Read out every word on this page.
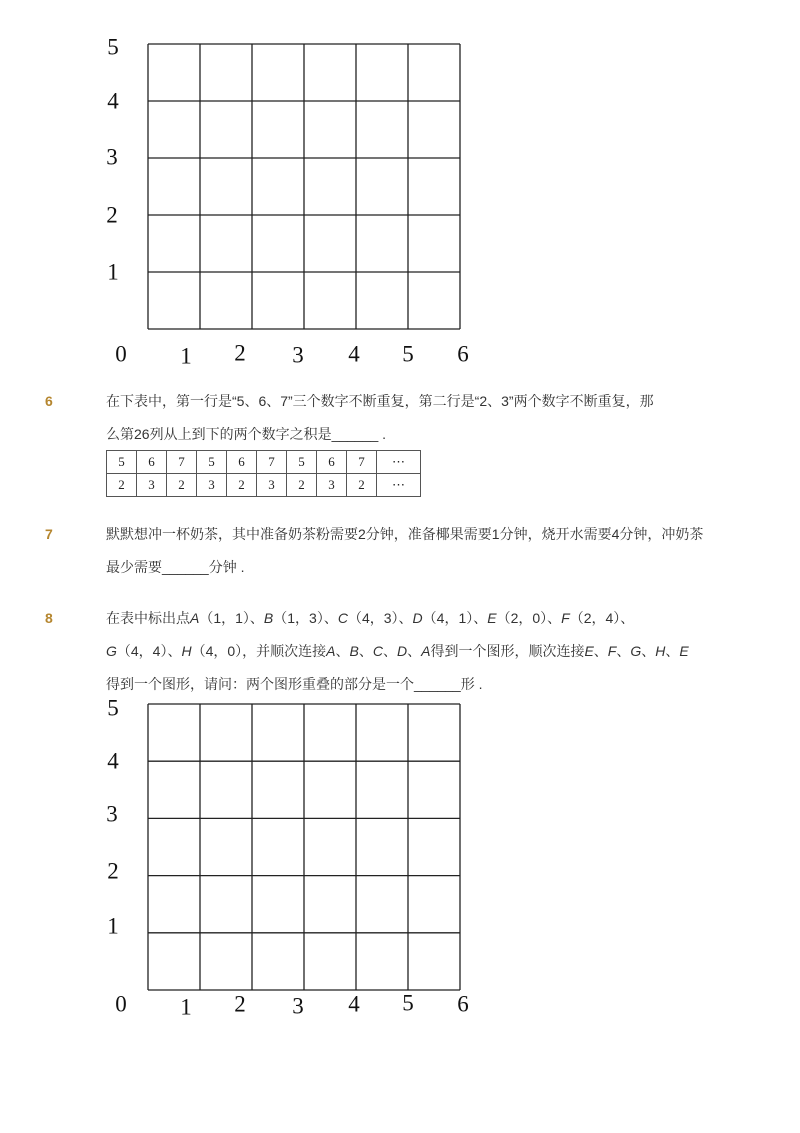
5
4
3
2
1
0 1 2 3 4 5 6
6	在下表中，第一行是“5、6、7”三个数字不断重复，第二行是“2、3”两个数字不断重复，那
么第26列从上到下的两个数字之积是______ .
5	6	7	5	6	7	5	6	7	⋯
2	3	2	3	2	3	2	3	2	⋯
7	默默想冲一杯奶茶，其中准备奶茶粉需要2分钟，准备椰果需要1分钟，烧开水需要4分钟，冲奶茶
最少需要______分钟 .
8	在表中标出点A（1，1）、B（1，3）、C（4，3）、D（4，1）、E（2，0）、F（2，4）、
G（4，4）、H（4，0），并顺次连接A、B、C、D、A得到一个图形，顺次连接E、F、G、H、E
得到一个图形，请问：两个图形重叠的部分是一个______形 .
5
4
3
2
1
0 1 2 3 4 5 6
